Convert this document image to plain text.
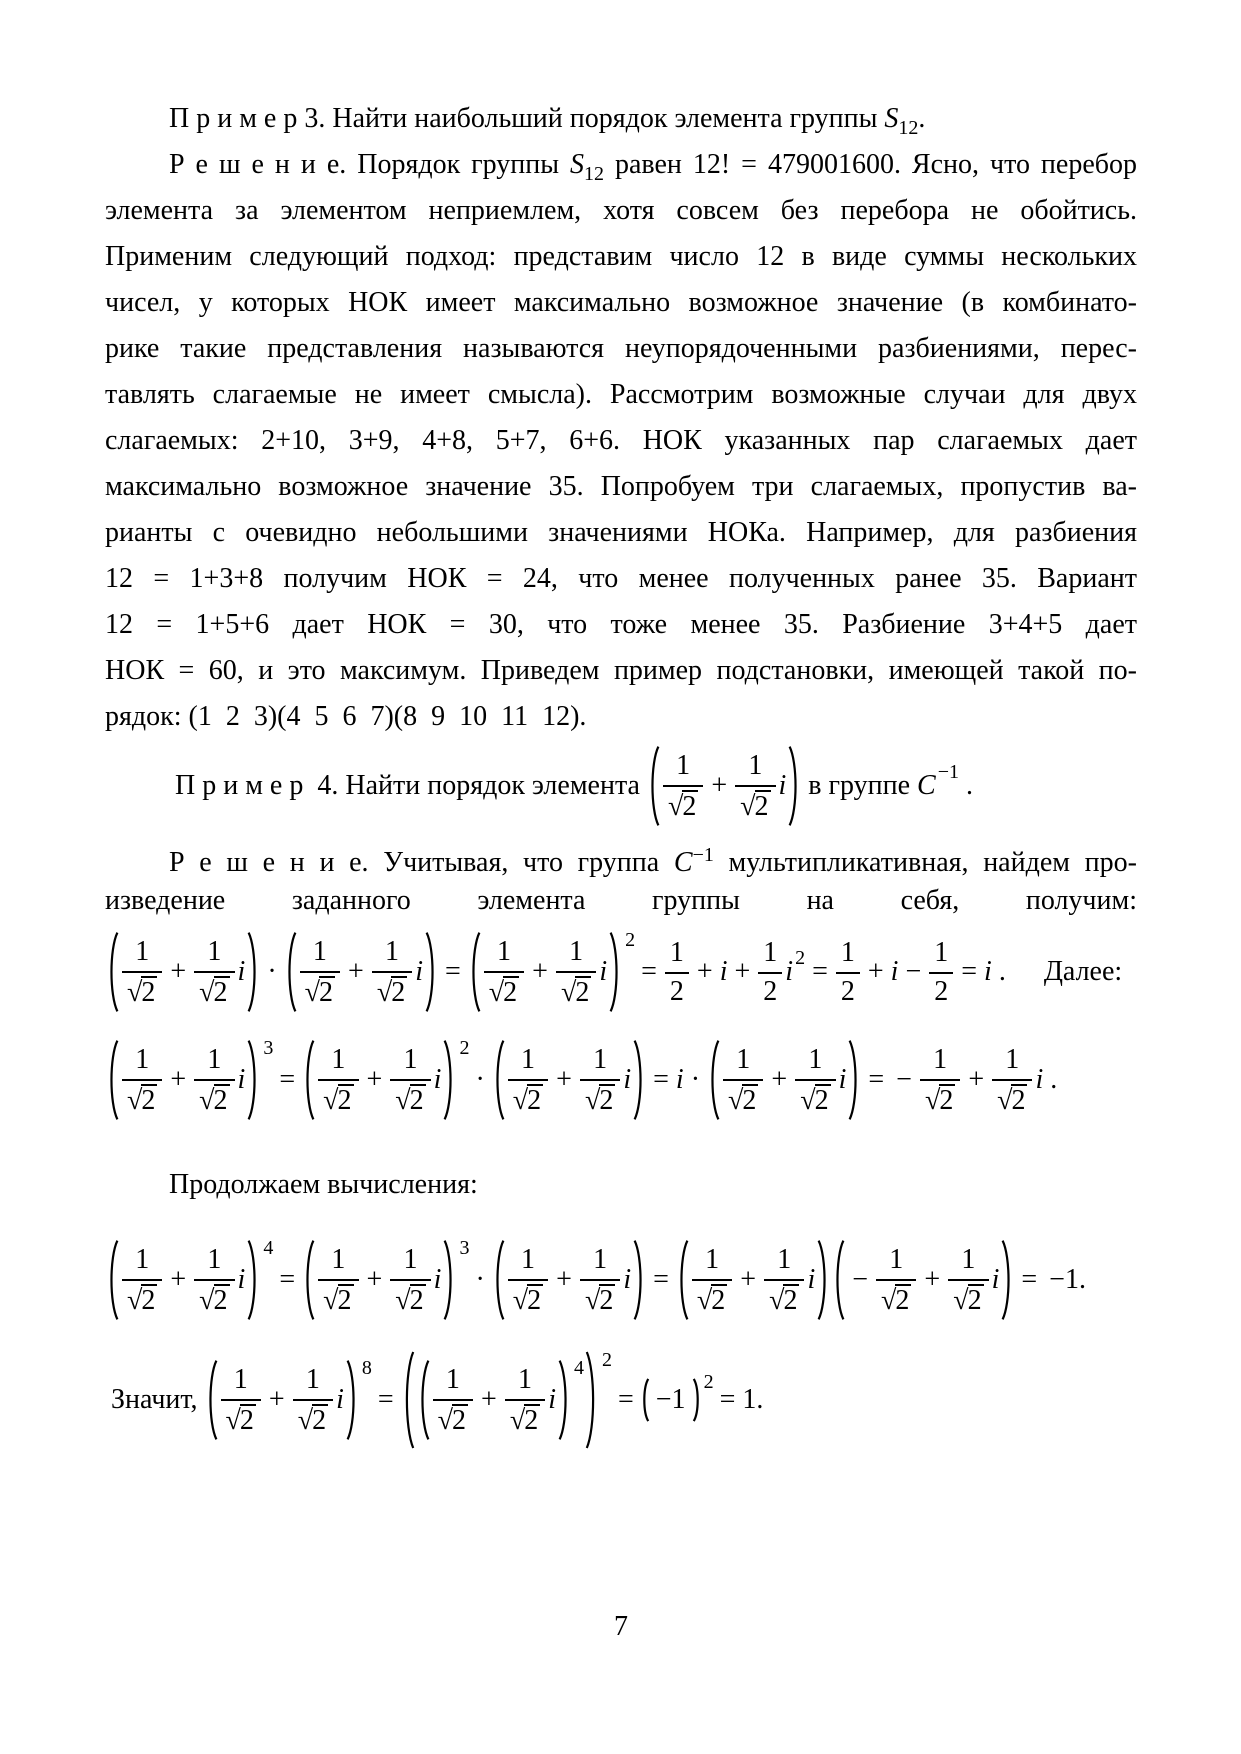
П р и м е р 3. Найти наибольший порядок элемента группы $S_{12}$.
Р е ш е н и е. Порядок группы $S_{12}$ равен 12! = 479001600. Ясно, что перебор
элемента за элементом неприемлем, хотя совсем без перебора не обойтись.
Применим следующий подход: представим число 12 в виде суммы нескольких
чисел, у которых НОК имеет максимально возможное значение (в комбинато-
рике такие представления называются неупорядоченными разбиениями, перес-
тавлять слагаемые не имеет смысла). Рассмотрим возможные случаи для двух
слагаемых: 2+10, 3+9, 4+8, 5+7, 6+6. НОК указанных пар слагаемых дает
максимально возможное значение 35. Попробуем три слагаемых, пропустив ва-
рианты с очевидно небольшими значениями НОКа. Например, для разбиения
12 = 1+3+8 получим НОК = 24, что менее полученных ранее 35. Вариант
12 = 1+5+6 дает НОК = 30, что тоже менее 35. Разбиение 3+4+5 дает
НОК = 60, и это максимум. Приведем пример подстановки, имеющей такой по-
рядок: (1 2 3)(4 5 6 7)(8 9 10 11 12).
П р и м е р  4. Найти порядок элемента $\frac{1}{√2} + \frac{1}{√2}$ i в группе C −1 .
Р е ш е н и е. Учитывая, что группа $C^{-1}$ мультипликативная, найдем про-
изведение заданного элемента группы на себя, получим:
$\frac{1}{√2} + \frac{1}{√2}$ $i \cdot \frac{1}{√2} + \frac{1}{√2}$ $i = \frac{1}{√2} + \frac{1}{√2}$ i
2
= $\frac{1}{2} + i + \frac{1}{2}$ i $2 = \frac{1}{2} + i - \frac{1}{2} = i$ . Далее:
$\frac{1}{√2} + \frac{1}{√2}$ i
3
= $\frac{1}{√2} + \frac{1}{√2}$ i
2
· $\frac{1}{√2} + \frac{1}{√2}$ $i = i \cdot \frac{1}{√2} + \frac{1}{√2}$ i = − $\frac{1}{√2} + \frac{1}{√2}$ i .
Продолжаем вычисления:
$\frac{1}{√2} + \frac{1}{√2}$ i
4
= $\frac{1}{√2} + \frac{1}{√2}$ i
3
· $\frac{1}{√2} + \frac{1}{√2}$ $i = \frac{1}{√2} + \frac{1}{√2}$ $i - \frac{1}{√2} + \frac{1}{√2}$ i = −1.
Значит, $\frac{1}{√2} + \frac{1}{√2}$ i
8
= $\frac{1}{√2} + \frac{1}{√2}$ i
4 2
= −1
2
= 1.
7
